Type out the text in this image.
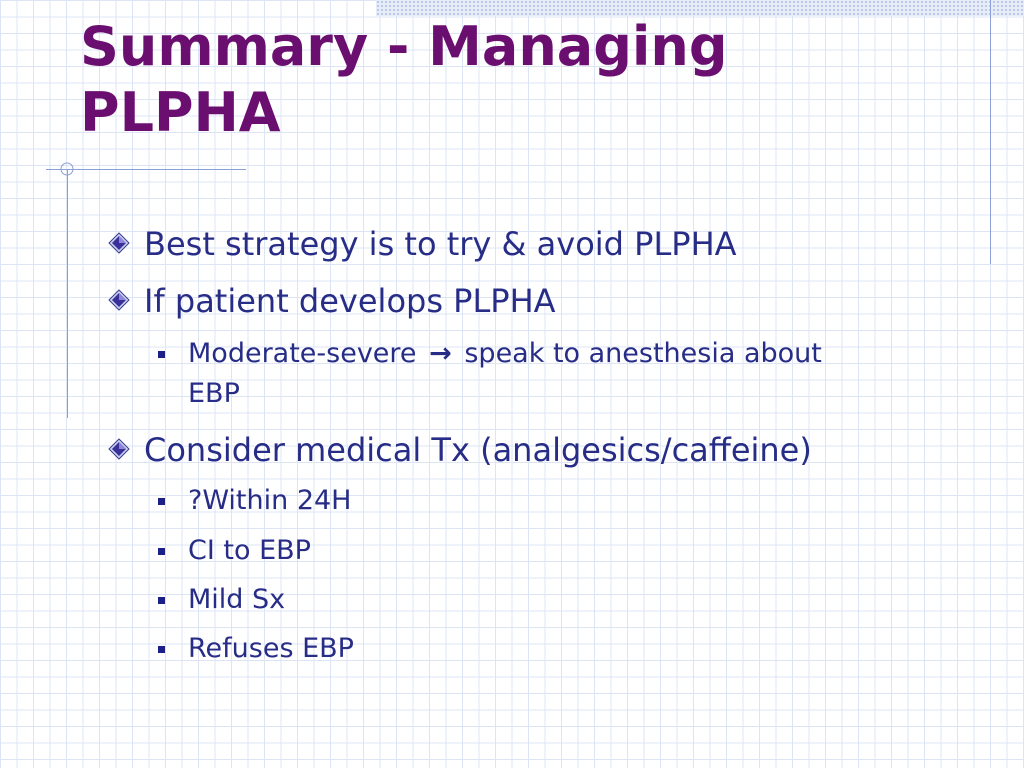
Summary - Managing
PLPHA
Best strategy is to try & avoid PLPHA
If patient develops PLPHA
Moderate-severe → speak to anesthesia about
EBP
Consider medical Tx (analgesics/caffeine)
?Within 24H
CI to EBP
Mild Sx
Refuses EBP
